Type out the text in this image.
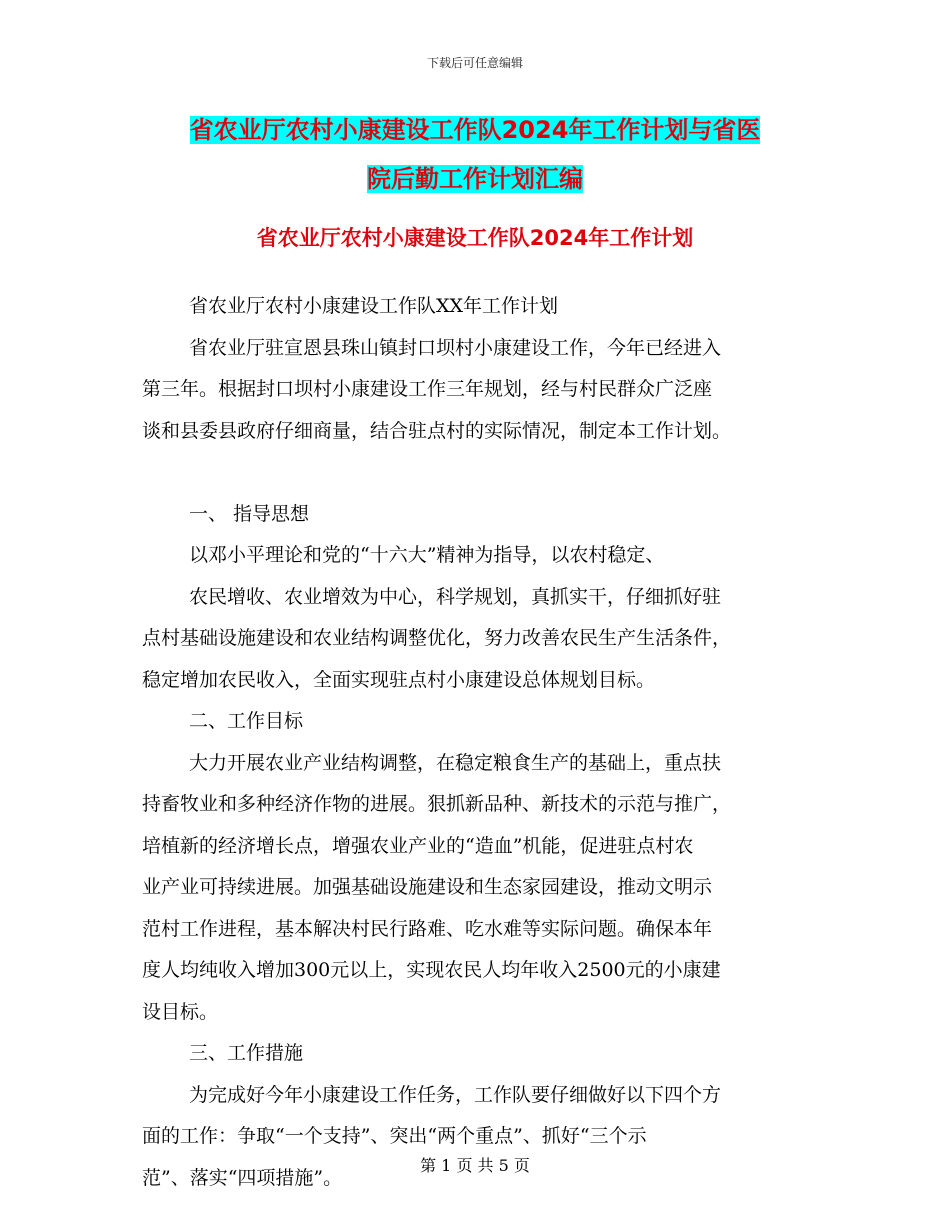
下载后可任意编辑
省农业厅农村小康建设工作队2024年工作计划与省医
院后勤工作计划汇编
省农业厅农村小康建设工作队2024年工作计划
省农业厅农村小康建设工作队XX年工作计划
省农业厅驻宣恩县珠山镇封口坝村小康建设工作，今年已经进入
第三年。根据封口坝村小康建设工作三年规划，经与村民群众广泛座
谈和县委县政府仔细商量，结合驻点村的实际情况，制定本工作计划。
一、 指导思想
以邓小平理论和党的“十六大”精神为指导，以农村稳定、
农民增收、农业增效为中心，科学规划，真抓实干，仔细抓好驻
点村基础设施建设和农业结构调整优化，努力改善农民生产生活条件，
稳定增加农民收入，全面实现驻点村小康建设总体规划目标。
二、工作目标
大力开展农业产业结构调整，在稳定粮食生产的基础上，重点扶
持畜牧业和多种经济作物的进展。狠抓新品种、新技术的示范与推广，
培植新的经济增长点，增强农业产业的“造血”机能，促进驻点村农
业产业可持续进展。加强基础设施建设和生态家园建设，推动文明示
范村工作进程，基本解决村民行路难、吃水难等实际问题。确保本年
度人均纯收入增加300元以上，实现农民人均年收入2500元的小康建
设目标。
三、工作措施
为完成好今年小康建设工作任务，工作队要仔细做好以下四个方
面的工作：争取“一个支持”、突出“两个重点”、抓好“三个示
范”、落实“四项措施”。
第 1 页 共 5 页
